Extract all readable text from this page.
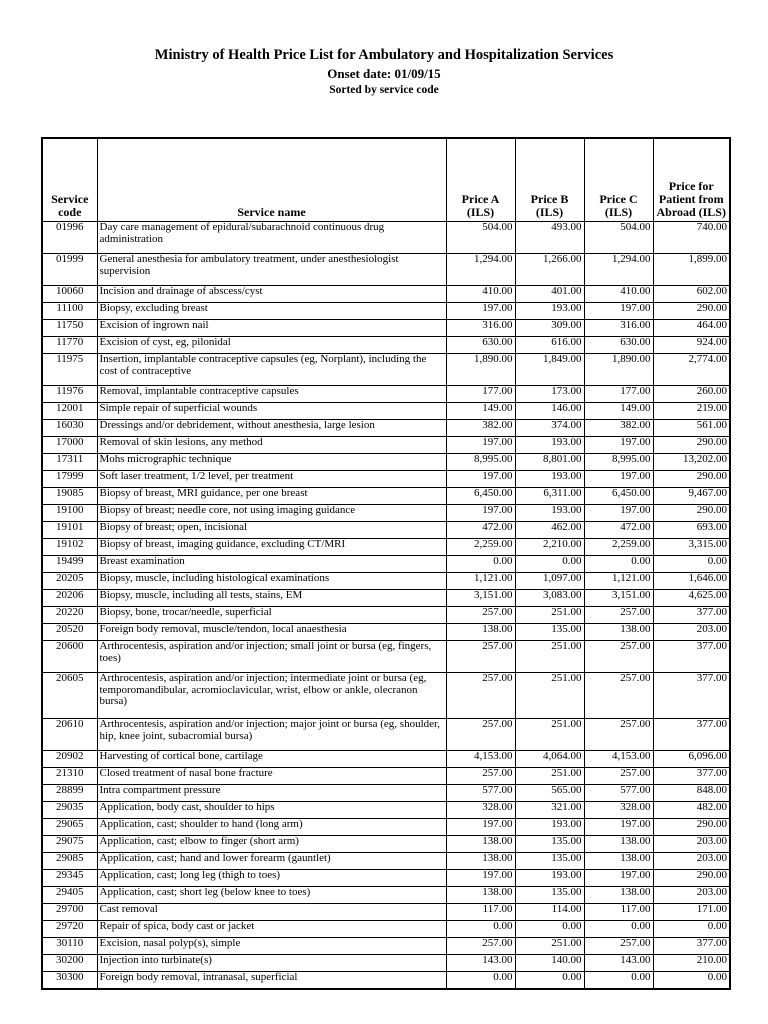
Ministry of Health Price List for Ambulatory and Hospitalization Services
Onset date: 01/09/15
Sorted by service code
Service code	Service name	Price A (ILS)	Price B (ILS)	Price C (ILS)	Price for Patient from Abroad (ILS)
01996	Day care management of epidural/subarachnoid continuous drug administration	504.00	493.00	504.00	740.00
01999	General anesthesia for ambulatory treatment, under anesthesiologist supervision	1,294.00	1,266.00	1,294.00	1,899.00
10060	Incision and drainage of abscess/cyst	410.00	401.00	410.00	602.00
11100	Biopsy, excluding breast	197.00	193.00	197.00	290.00
11750	Excision of ingrown nail	316.00	309.00	316.00	464.00
11770	Excision of cyst, eg, pilonidal	630.00	616.00	630.00	924.00
11975	Insertion, implantable contraceptive capsules (eg, Norplant), including the cost of contraceptive	1,890.00	1,849.00	1,890.00	2,774.00
11976	Removal, implantable contraceptive capsules	177.00	173.00	177.00	260.00
12001	Simple repair of superficial wounds	149.00	146.00	149.00	219.00
16030	Dressings and/or debridement, without anesthesia, large lesion	382.00	374.00	382.00	561.00
17000	Removal of skin lesions, any method	197.00	193.00	197.00	290.00
17311	Mohs micrographic technique	8,995.00	8,801.00	8,995.00	13,202.00
17999	Soft laser treatment, 1/2 level, per treatment	197.00	193.00	197.00	290.00
19085	Biopsy of breast, MRI guidance, per one breast	6,450.00	6,311.00	6,450.00	9,467.00
19100	Biopsy of breast; needle core, not using imaging guidance	197.00	193.00	197.00	290.00
19101	Biopsy of breast; open, incisional	472.00	462.00	472.00	693.00
19102	Biopsy of breast, imaging guidance, excluding CT/MRI	2,259.00	2,210.00	2,259.00	3,315.00
19499	Breast examination	0.00	0.00	0.00	0.00
20205	Biopsy, muscle, including histological examinations	1,121.00	1,097.00	1,121.00	1,646.00
20206	Biopsy, muscle, including all tests, stains, EM	3,151.00	3,083.00	3,151.00	4,625.00
20220	Biopsy, bone, trocar/needle, superficial	257.00	251.00	257.00	377.00
20520	Foreign body removal, muscle/tendon, local anaesthesia	138.00	135.00	138.00	203.00
20600	Arthrocentesis, aspiration and/or injection; small joint or bursa (eg, fingers, toes)	257.00	251.00	257.00	377.00
20605	Arthrocentesis, aspiration and/or injection; intermediate joint or bursa (eg, temporomandibular, acromioclavicular, wrist, elbow or ankle, olecranon bursa)	257.00	251.00	257.00	377.00
20610	Arthrocentesis, aspiration and/or injection; major joint or bursa (eg, shoulder, hip, knee joint, subacromial bursa)	257.00	251.00	257.00	377.00
20902	Harvesting of cortical bone, cartilage	4,153.00	4,064.00	4,153.00	6,096.00
21310	Closed treatment of nasal bone fracture	257.00	251.00	257.00	377.00
28899	Intra compartment pressure	577.00	565.00	577.00	848.00
29035	Application, body cast, shoulder to hips	328.00	321.00	328.00	482.00
29065	Application, cast; shoulder to hand (long arm)	197.00	193.00	197.00	290.00
29075	Application, cast; elbow to finger (short arm)	138.00	135.00	138.00	203.00
29085	Application, cast; hand and lower forearm (gauntlet)	138.00	135.00	138.00	203.00
29345	Application, cast; long leg (thigh to toes)	197.00	193.00	197.00	290.00
29405	Application, cast; short leg (below knee to toes)	138.00	135.00	138.00	203.00
29700	Cast removal	117.00	114.00	117.00	171.00
29720	Repair of spica, body cast or jacket	0.00	0.00	0.00	0.00
30110	Excision, nasal polyp(s), simple	257.00	251.00	257.00	377.00
30200	Injection into turbinate(s)	143.00	140.00	143.00	210.00
30300	Foreign body removal, intranasal, superficial	0.00	0.00	0.00	0.00
